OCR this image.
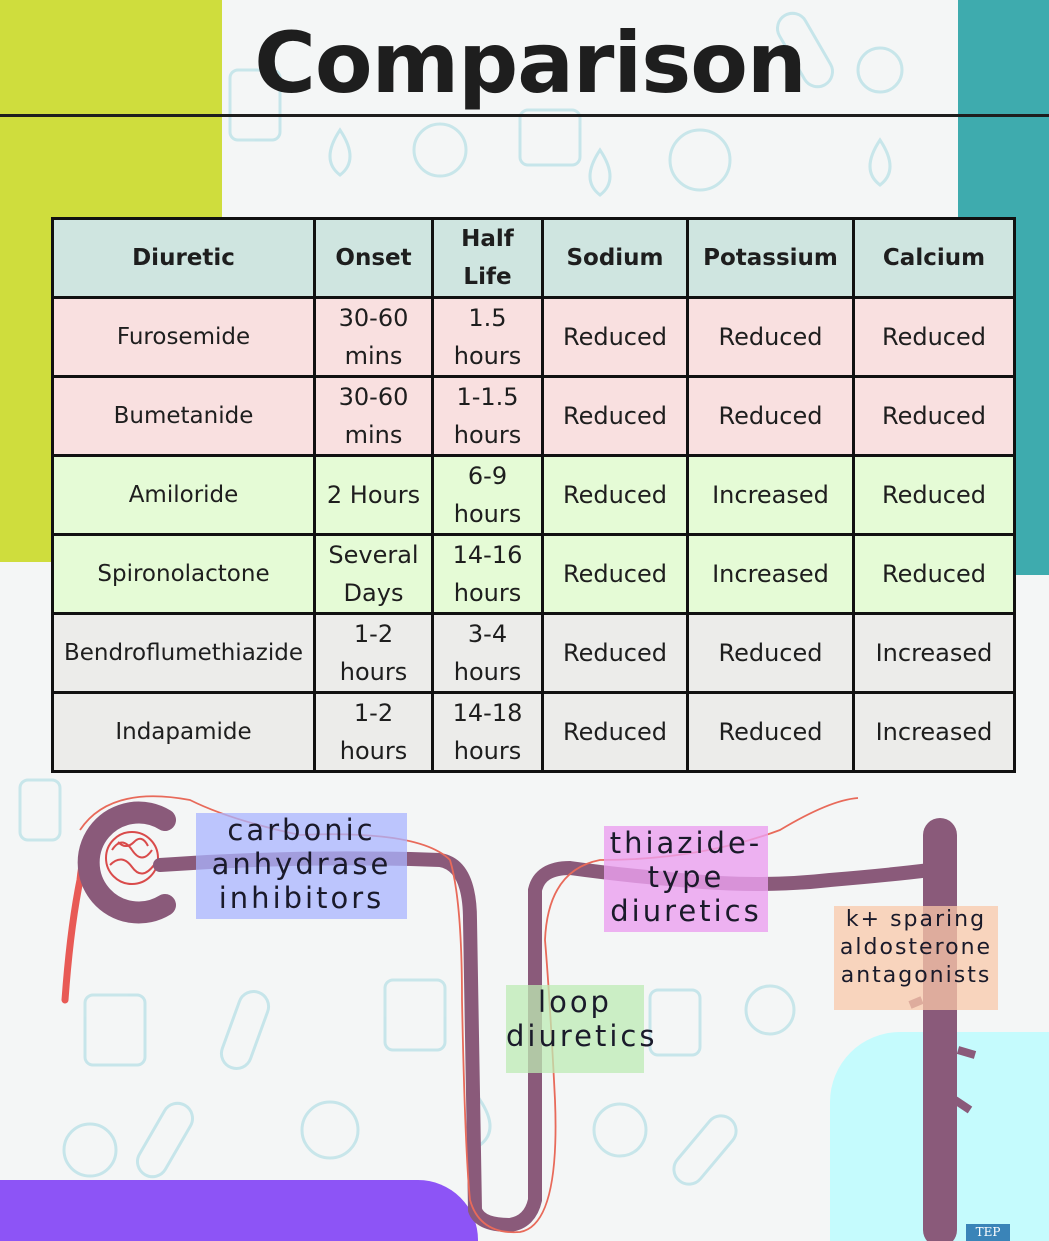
Comparison
Diuretic	Onset	Half Life	Sodium	Potassium	Calcium
Furosemide	30-60 mins	1.5 hours	Reduced	Reduced	Reduced
Bumetanide	30-60 mins	1-1.5 hours	Reduced	Reduced	Reduced
Amiloride	2 Hours	6-9 hours	Reduced	Increased	Reduced
Spironolactone	Several Days	14-16 hours	Reduced	Increased	Reduced
Bendroflumethiazide	1-2 hours	3-4 hours	Reduced	Reduced	Increased
Indapamide	1-2 hours	14-18 hours	Reduced	Reduced	Increased
carbonic
anhydrase
inhibitors
loop
diuretics
thiazide-
type
diuretics	k+ sparing
aldosterone
antagonists
TEP
